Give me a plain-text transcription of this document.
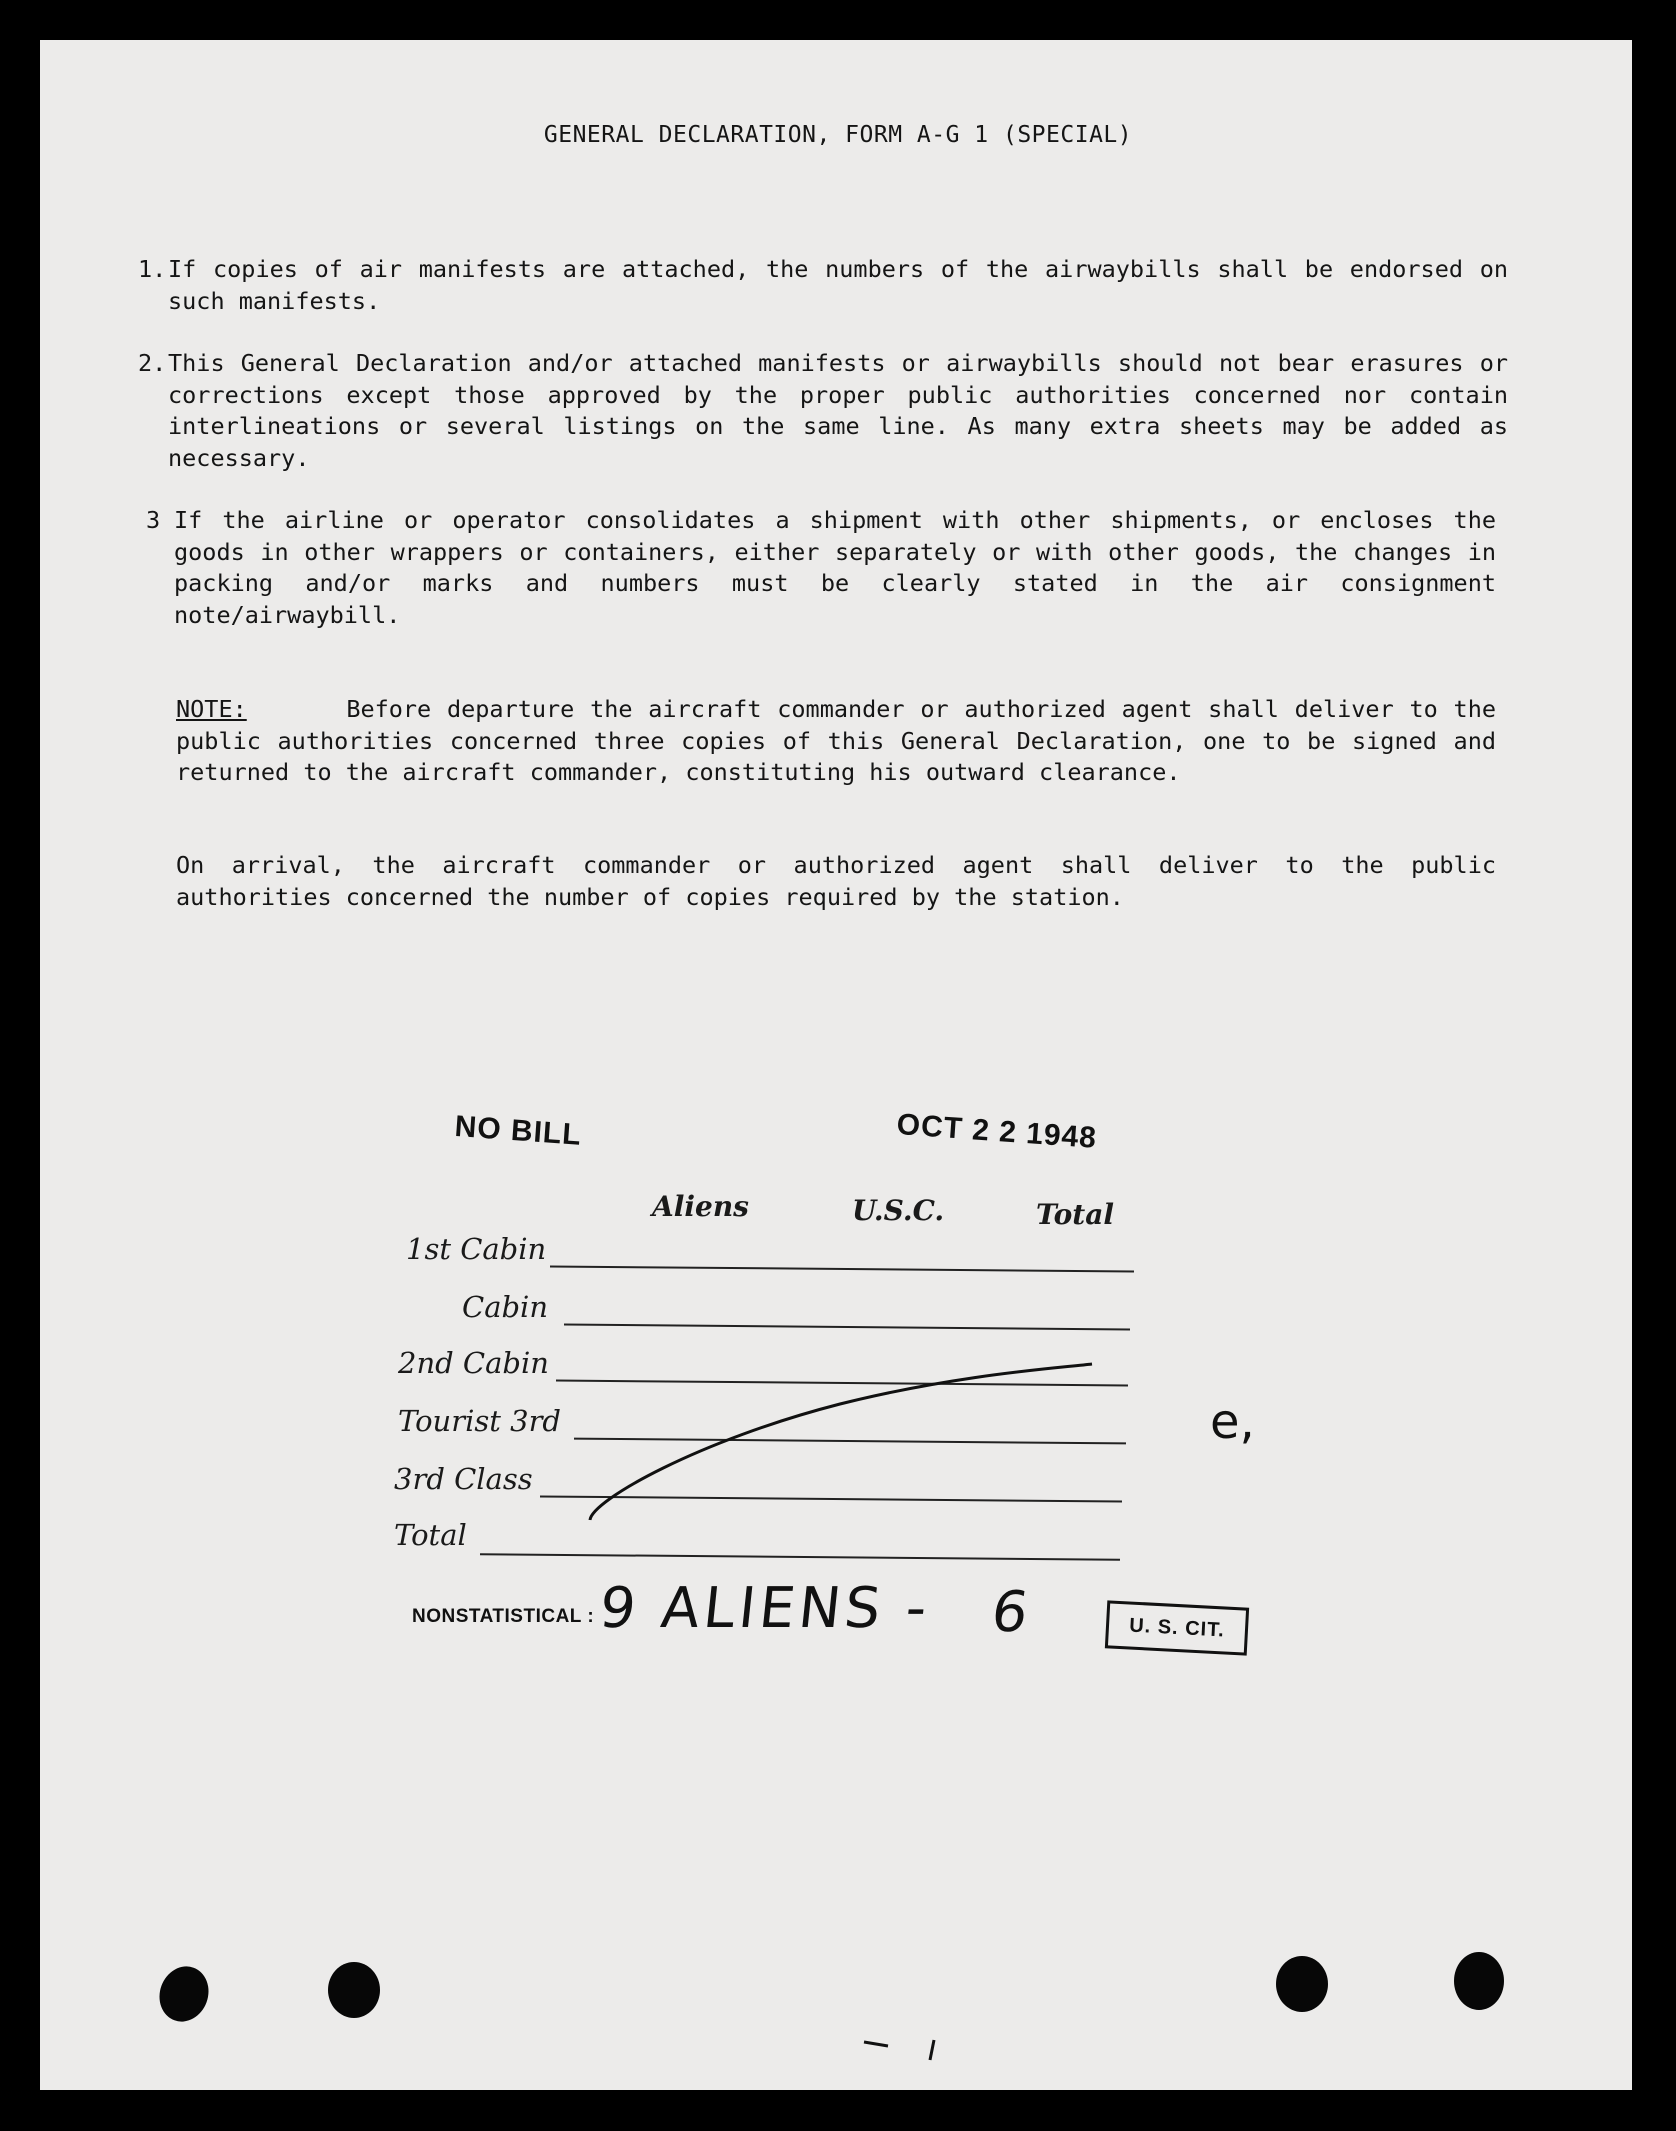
GENERAL DECLARATION, FORM A-G 1 (SPECIAL)
1. If copies of air manifests are attached, the numbers of the airwaybills shall be endorsed on such manifests.
2. This General Declaration and/or attached manifests or airwaybills should not bear erasures or corrections except those approved by the proper public authorities concerned nor contain interlineations or several listings on the same line. As many extra sheets may be added as necessary.
3 If the airline or operator consolidates a shipment with other shipments, or encloses the goods in other wrappers or containers, either separately or with other goods, the changes in packing and/or marks and numbers must be clearly stated in the air consignment note/airwaybill.
NOTE:	Before departure the aircraft commander or authorized agent shall deliver to the public authorities concerned three copies of this General Declaration, one to be signed and returned to the aircraft commander, constituting his outward clearance.
On arrival, the aircraft commander or authorized agent shall deliver to the public authorities concerned the number of copies required by the station.
NO BILL	OCT 2 2 1948
Aliens	U.S.C.	Total
1st Cabin
Cabin
2nd Cabin
Tourist 3rd
3rd Class
Total
e,
NONSTATISTICAL : 9 ALIENS - 6	U. S. CIT.
